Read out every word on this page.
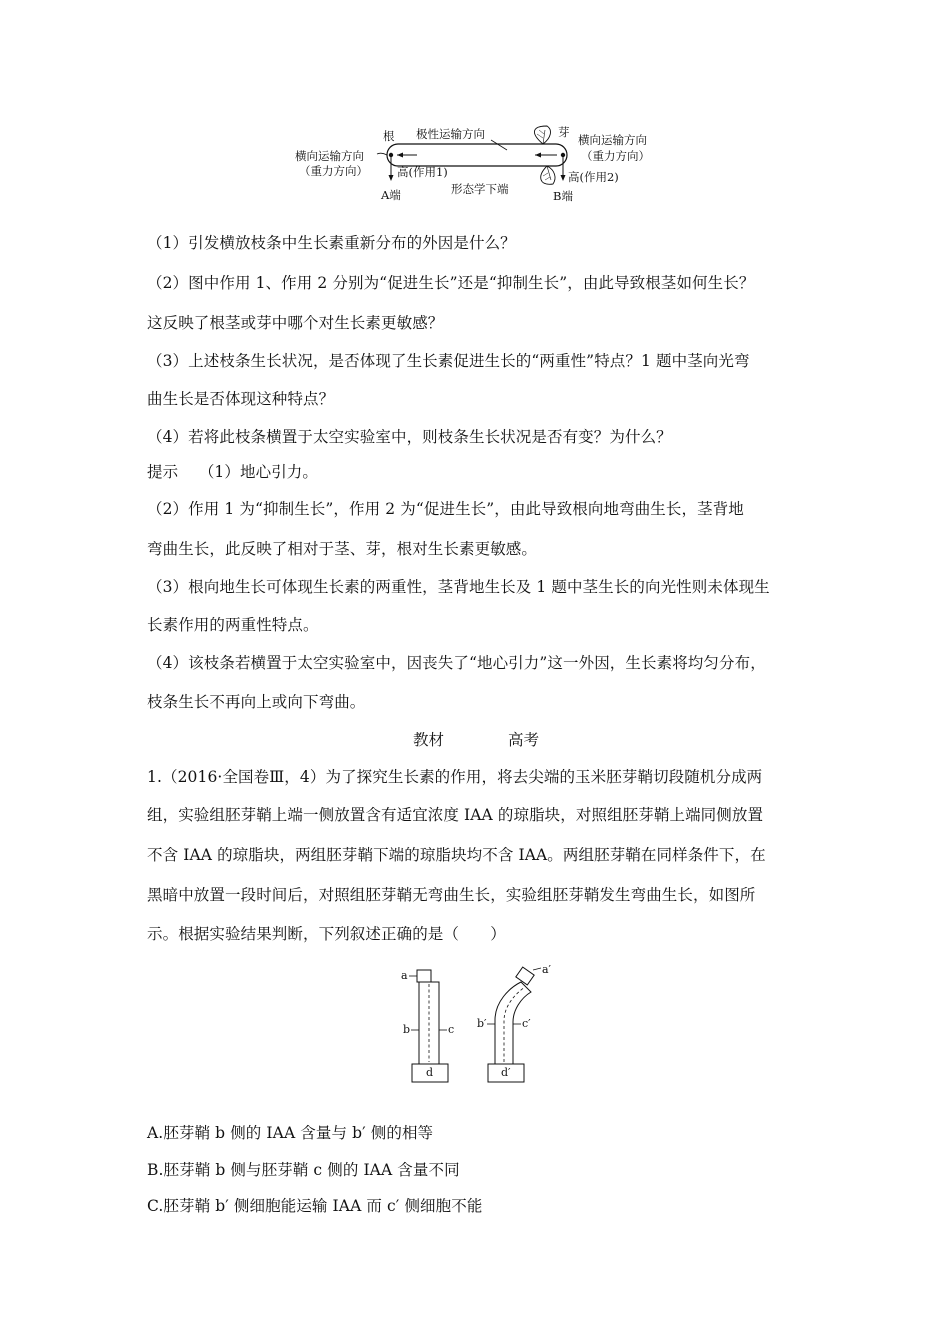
根 极性运输方向	芽
横向运输方向
（重力方向）
横向运输方向
（重力方向）
高(作用1)	高(作用2)
A端	形态学下端	B端
（1）引发横放枝条中生长素重新分布的外因是什么？
（2）图中作用 1、作用 2 分别为“促进生长”还是“抑制生长”，由此导致根茎如何生长？
这反映了根茎或芽中哪个对生长素更敏感？
（3）上述枝条生长状况，是否体现了生长素促进生长的“两重性”特点？1 题中茎向光弯
曲生长是否体现这种特点？
（4）若将此枝条横置于太空实验室中，则枝条生长状况是否有变？为什么？
提示　 （1）地心引力。
（2）作用 1 为“抑制生长”，作用 2 为“促进生长”，由此导致根向地弯曲生长，茎背地
弯曲生长，此反映了相对于茎、芽，根对生长素更敏感。
（3）根向地生长可体现生长素的两重性，茎背地生长及 1 题中茎生长的向光性则未体现生
长素作用的两重性特点。
（4）该枝条若横置于太空实验室中，因丧失了“地心引力”这一外因，生长素将均匀分布，
枝条生长不再向上或向下弯曲。
教材	高考
1.（2016·全国卷Ⅲ，4）为了探究生长素的作用，将去尖端的玉米胚芽鞘切段随机分成两
组，实验组胚芽鞘上端一侧放置含有适宜浓度 IAA 的琼脂块，对照组胚芽鞘上端同侧放置
不含 IAA 的琼脂块，两组胚芽鞘下端的琼脂块均不含 IAA。两组胚芽鞘在同样条件下，在
黑暗中放置一段时间后，对照组胚芽鞘无弯曲生长，实验组胚芽鞘发生弯曲生长，如图所
示。根据实验结果判断，下列叙述正确的是（　　）
a
b	c
d
a′
b′	c′
d′
A.胚芽鞘 b 侧的 IAA 含量与 b′ 侧的相等
B.胚芽鞘 b 侧与胚芽鞘 c 侧的 IAA 含量不同
C.胚芽鞘 b′ 侧细胞能运输 IAA 而 c′ 侧细胞不能
